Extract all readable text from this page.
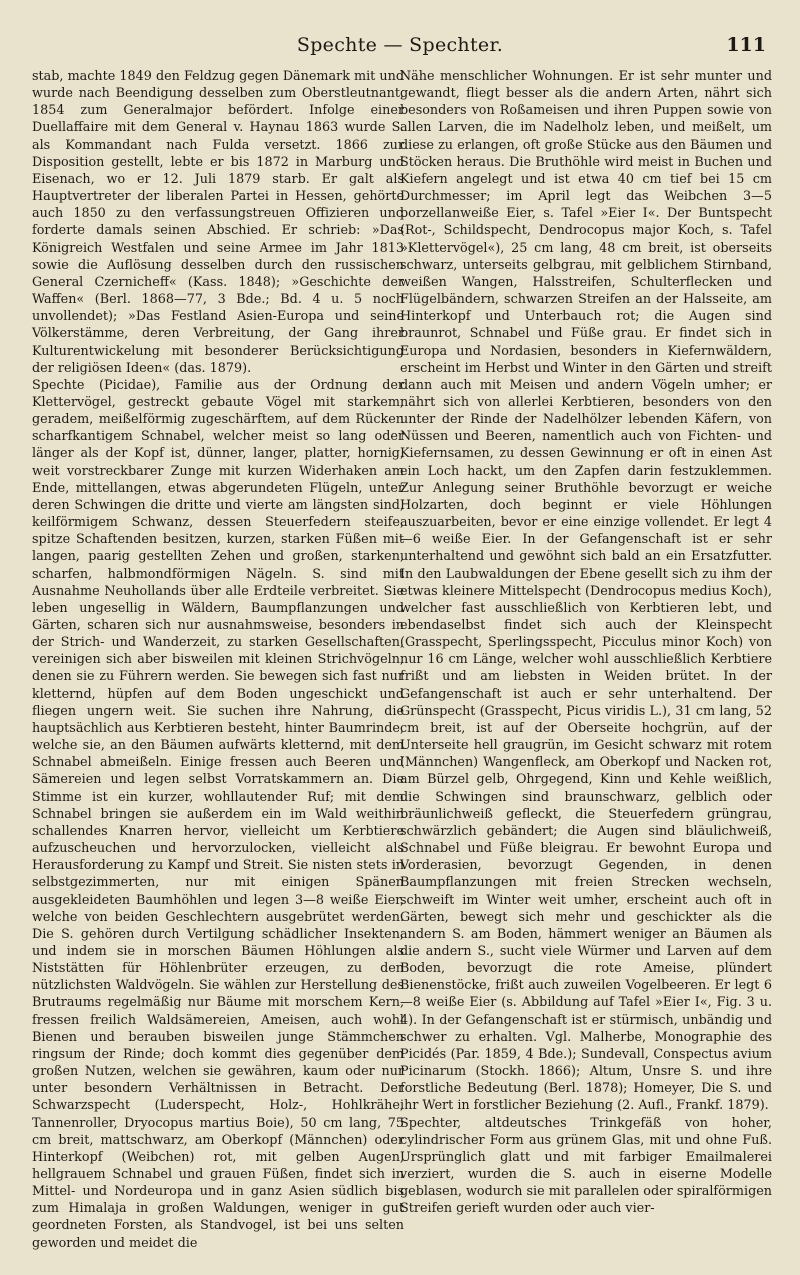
Spechte — Spechter.	111

stab, machte 1849 den Feldzug gegen Dänemark mit und wurde nach Beendigung desselben zum Oberstleutnant, 1854 zum Generalmajor befördert. Infolge einer Duellaffaire mit dem General v. Haynau 1863 wurde S. als Kommandant nach Fulda versetzt. 1866 zur Disposition gestellt, lebte er bis 1872 in Marburg und Eisenach, wo er 12. Juli 1879 starb. Er galt als Hauptvertreter der liberalen Partei in Hessen, gehörte auch 1850 zu den verfassungstreuen Offizieren und forderte damals seinen Abschied. Er schrieb: »Das Königreich Westfalen und seine Armee im Jahr 1813 sowie die Auflösung desselben durch den russischen General Czernicheff« (Kass. 1848); »Geschichte der Waffen« (Berl. 1868—77, 3 Bde.; Bd. 4 u. 5 noch unvollendet); »Das Festland Asien-Europa und seine Völkerstämme, deren Verbreitung, der Gang ihrer Kulturentwickelung mit besonderer Berücksichtigung der religiösen Ideen« (das. 1879).

Spechte (Picidae), Familie aus der Ordnung der Klettervögel, gestreckt gebaute Vögel mit starkem, geradem, meißelförmig zugeschärftem, auf dem Rücken scharfkantigem Schnabel, welcher meist so lang oder länger als der Kopf ist, dünner, langer, platter, hornig, weit vorstreckbarer Zunge mit kurzen Widerhaken am Ende, mittellangen, etwas abgerundeten Flügeln, unter deren Schwingen die dritte und vierte am längsten sind, keilförmigem Schwanz, dessen Steuerfedern steife, spitze Schaftenden besitzen, kurzen, starken Füßen mit langen, paarig gestellten Zehen und großen, starken, scharfen, halbmondförmigen Nägeln. S. sind mit Ausnahme Neuhollands über alle Erdteile verbreitet. Sie leben ungesellig in Wäldern, Baumpflanzungen und Gärten, scharen sich nur ausnahmsweise, besonders in der Strich- und Wanderzeit, zu starken Gesellschaften, vereinigen sich aber bisweilen mit kleinen Strichvögeln, denen sie zu Führern werden. Sie bewegen sich fast nur kletternd, hüpfen auf dem Boden ungeschickt und fliegen ungern weit. Sie suchen ihre Nahrung, die hauptsächlich aus Kerbtieren besteht, hinter Baumrinde, welche sie, an den Bäumen aufwärts kletternd, mit dem Schnabel abmeißeln. Einige fressen auch Beeren und Sämereien und legen selbst Vorratskammern an. Die Stimme ist ein kurzer, wohllautender Ruf; mit dem Schnabel bringen sie außerdem ein im Wald weithin schallendes Knarren hervor, vielleicht um Kerbtiere aufzuscheuchen und hervorzulocken, vielleicht als Herausforderung zu Kampf und Streit. Sie nisten stets in selbstgezimmerten, nur mit einigen Spänen ausgekleideten Baumhöhlen und legen 3—8 weiße Eier, welche von beiden Geschlechtern ausgebrütet werden. Die S. gehören durch Vertilgung schädlicher Insekten, und indem sie in morschen Bäumen Höhlungen als Niststätten für Höhlenbrüter erzeugen, zu den nützlichsten Waldvögeln. Sie wählen zur Herstellung des Brutraums regelmäßig nur Bäume mit morschem Kern, fressen freilich Waldsämereien, Ameisen, auch wohl Bienen und berauben bisweilen junge Stämmchen ringsum der Rinde; doch kommt dies gegenüber dem großen Nutzen, welchen sie gewähren, kaum oder nur unter besondern Verhältnissen in Betracht. Der Schwarzspecht (Luderspecht, Holz-, Hohlkrähe, Tannenroller, Dryocopus martius Boie), 50 cm lang, 75 cm breit, mattschwarz, am Oberkopf (Männchen) oder Hinterkopf (Weibchen) rot, mit gelben Augen, hellgrauem Schnabel und grauen Füßen, findet sich in Mittel- und Nordeuropa und in ganz Asien südlich bis zum Himalaja in großen Waldungen, weniger in gut geordneten Forsten, als Standvogel, ist bei uns selten geworden und meidet die

Nähe menschlicher Wohnungen. Er ist sehr munter und gewandt, fliegt besser als die andern Arten, nährt sich besonders von Roßameisen und ihren Puppen sowie von allen Larven, die im Nadelholz leben, und meißelt, um diese zu erlangen, oft große Stücke aus den Bäumen und Stöcken heraus. Die Bruthöhle wird meist in Buchen und Kiefern angelegt und ist etwa 40 cm tief bei 15 cm Durchmesser; im April legt das Weibchen 3—5 porzellanweiße Eier, s. Tafel »Eier I«. Der Buntspecht (Rot-, Schildspecht, Dendrocopus major Koch, s. Tafel »Klettervögel«), 25 cm lang, 48 cm breit, ist oberseits schwarz, unterseits gelbgrau, mit gelblichem Stirnband, weißen Wangen, Halsstreifen, Schulterflecken und Flügelbändern, schwarzen Streifen an der Halsseite, am Hinterkopf und Unterbauch rot; die Augen sind braunrot, Schnabel und Füße grau. Er findet sich in Europa und Nordasien, besonders in Kiefernwäldern, erscheint im Herbst und Winter in den Gärten und streift dann auch mit Meisen und andern Vögeln umher; er nährt sich von allerlei Kerbtieren, besonders von den unter der Rinde der Nadelhölzer lebenden Käfern, von Nüssen und Beeren, namentlich auch von Fichten- und Kiefernsamen, zu dessen Gewinnung er oft in einen Ast ein Loch hackt, um den Zapfen darin festzuklemmen. Zur Anlegung seiner Bruthöhle bevorzugt er weiche Holzarten, doch beginnt er viele Höhlungen auszuarbeiten, bevor er eine einzige vollendet. Er legt 4—6 weiße Eier. In der Gefangenschaft ist er sehr unterhaltend und gewöhnt sich bald an ein Ersatzfutter. In den Laubwaldungen der Ebene gesellt sich zu ihm der etwas kleinere Mittelspecht (Dendrocopus medius Koch), welcher fast ausschließlich von Kerbtieren lebt, und ebendaselbst findet sich auch der Kleinspecht (Grasspecht, Sperlingsspecht, Picculus minor Koch) von nur 16 cm Länge, welcher wohl ausschließlich Kerbtiere frißt und am liebsten in Weiden brütet. In der Gefangenschaft ist auch er sehr unterhaltend. Der Grünspecht (Grasspecht, Picus viridis L.), 31 cm lang, 52 cm breit, ist auf der Oberseite hochgrün, auf der Unterseite hell graugrün, im Gesicht schwarz mit rotem (Männchen) Wangenfleck, am Oberkopf und Nacken rot, am Bürzel gelb, Ohrgegend, Kinn und Kehle weißlich, die Schwingen sind braunschwarz, gelblich oder bräunlichweiß gefleckt, die Steuerfedern grüngrau, schwärzlich gebändert; die Augen sind bläulichweiß, Schnabel und Füße bleigrau. Er bewohnt Europa und Vorderasien, bevorzugt Gegenden, in denen Baumpflanzungen mit freien Strecken wechseln, schweift im Winter weit umher, erscheint auch oft in Gärten, bewegt sich mehr und geschickter als die andern S. am Boden, hämmert weniger an Bäumen als die andern S., sucht viele Würmer und Larven auf dem Boden, bevorzugt die rote Ameise, plündert Bienenstöcke, frißt auch zuweilen Vogelbeeren. Er legt 6—8 weiße Eier (s. Abbildung auf Tafel »Eier I«, Fig. 3 u. 4). In der Gefangenschaft ist er stürmisch, unbändig und schwer zu erhalten. Vgl. Malherbe, Monographie des Picidés (Par. 1859, 4 Bde.); Sundevall, Conspectus avium Picinarum (Stockh. 1866); Altum, Unsre S. und ihre forstliche Bedeutung (Berl. 1878); Homeyer, Die S. und ihr Wert in forstlicher Beziehung (2. Aufl., Frankf. 1879).

Spechter, altdeutsches Trinkgefäß von hoher, cylindrischer Form aus grünem Glas, mit und ohne Fuß. Ursprünglich glatt und mit farbiger Emailmalerei verziert, wurden die S. auch in eiserne Modelle geblasen, wodurch sie mit parallelen oder spiralförmigen Streifen gerieft wurden oder auch vier-
